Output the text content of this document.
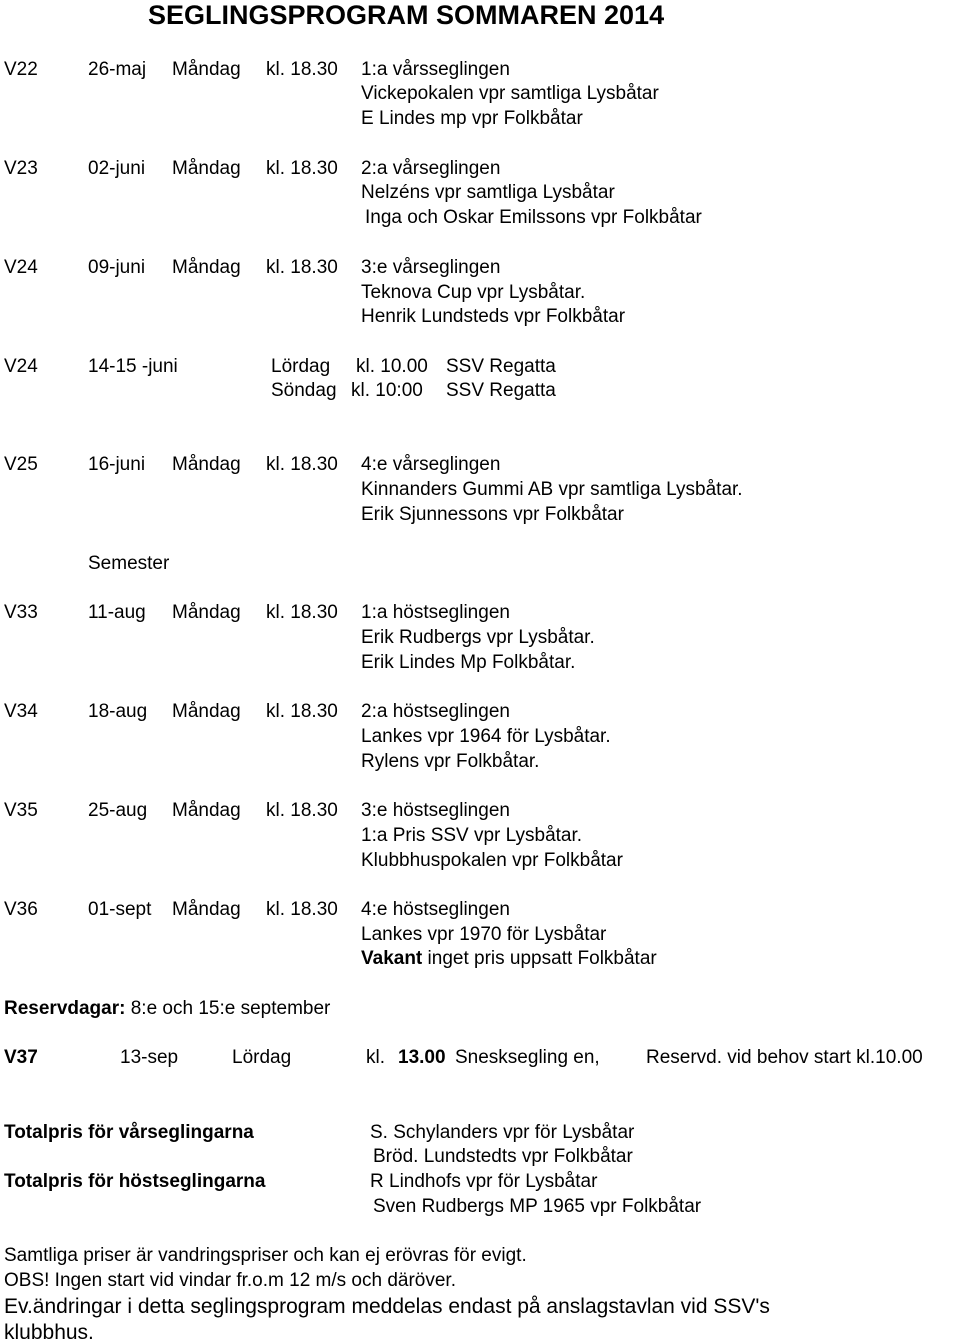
SEGLINGSPROGRAM SOMMAREN 2014
V22	26-maj Måndag kl. 18.30 1:a vårsseglingen
Vickepokalen vpr samtliga Lysbåtar
E Lindes mp vpr Folkbåtar
V23	02-juni Måndag kl. 18.30 2:a vårseglingen
Nelzéns vpr samtliga Lysbåtar
Inga och Oskar Emilssons vpr Folkbåtar
V24	09-juni Måndag kl. 18.30 3:e vårseglingen
Teknova Cup vpr Lysbåtar.
Henrik Lundsteds vpr Folkbåtar
V24	14-15 -juni	Lördag kl. 10.00 SSV Regatta
Söndag kl. 10:00 SSV Regatta
V25	16-juni Måndag kl. 18.30 4:e vårseglingen
Kinnanders Gummi AB vpr samtliga Lysbåtar.
Erik Sjunnessons vpr Folkbåtar
Semester
V33	11-aug Måndag kl. 18.30 1:a höstseglingen
Erik Rudbergs vpr Lysbåtar.
Erik Lindes Mp Folkbåtar.
V34	18-aug Måndag kl. 18.30 2:a höstseglingen
Lankes vpr 1964 för Lysbåtar.
Rylens vpr Folkbåtar.
V35	25-aug Måndag kl. 18.30 3:e höstseglingen
1:a Pris SSV vpr Lysbåtar.
Klubbhuspokalen vpr Folkbåtar
V36	01-sept Måndag kl. 18.30 4:e höstseglingen
Lankes vpr 1970 för Lysbåtar
Vakant inget pris uppsatt Folkbåtar
Reservdagar: 8:e och 15:e september
V37	13-sep	Lördag	kl. 13.00 Snesksegling en, Reservd. vid behov start kl.10.00
Totalpris för vårseglingarna	S. Schylanders vpr för Lysbåtar
Bröd. Lundstedts vpr Folkbåtar
Totalpris för höstseglingarna	R Lindhofs vpr för Lysbåtar
Sven Rudbergs MP 1965 vpr Folkbåtar
Samtliga priser är vandringspriser och kan ej erövras för evigt.
OBS! Ingen start vid vindar fr.o.m 12 m/s och däröver.
Ev.ändringar i detta seglingsprogram meddelas endast på anslagstavlan vid SSV's
klubbhus.
